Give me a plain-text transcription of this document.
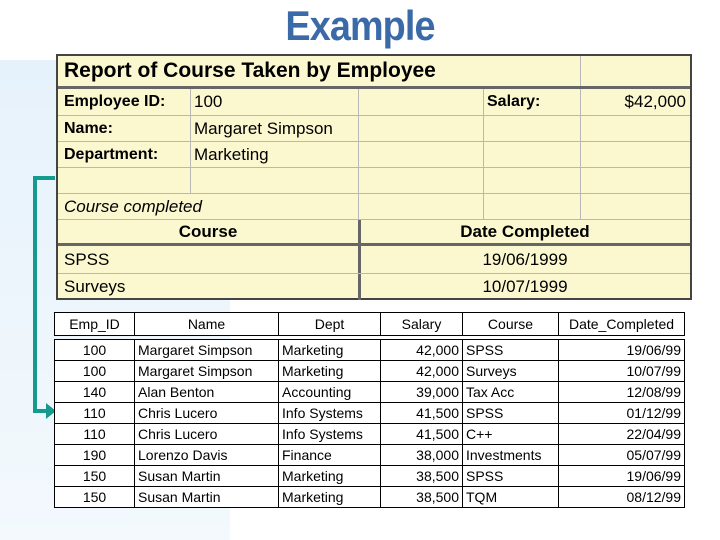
Example
Report of Course Taken by Employee
Employee ID:	100	Salary:	$42,000
Name:	Margaret Simpson
Department:	Marketing
Course completed
Course	Date Completed
SPSS	19/06/1999
Surveys	10/07/1999
Emp_ID	Name	Dept	Salary	Course	Date_Completed

100	Margaret Simpson	Marketing	42,000	SPSS	19/06/99
100	Margaret Simpson	Marketing	42,000	Surveys	10/07/99
140	Alan Benton	Accounting	39,000	Tax Acc	12/08/99
110	Chris Lucero	Info Systems	41,500	SPSS	01/12/99
110	Chris Lucero	Info Systems	41,500	C++	22/04/99
190	Lorenzo Davis	Finance	38,000	Investments	05/07/99
150	Susan Martin	Marketing	38,500	SPSS	19/06/99
150	Susan Martin	Marketing	38,500	TQM	08/12/99
